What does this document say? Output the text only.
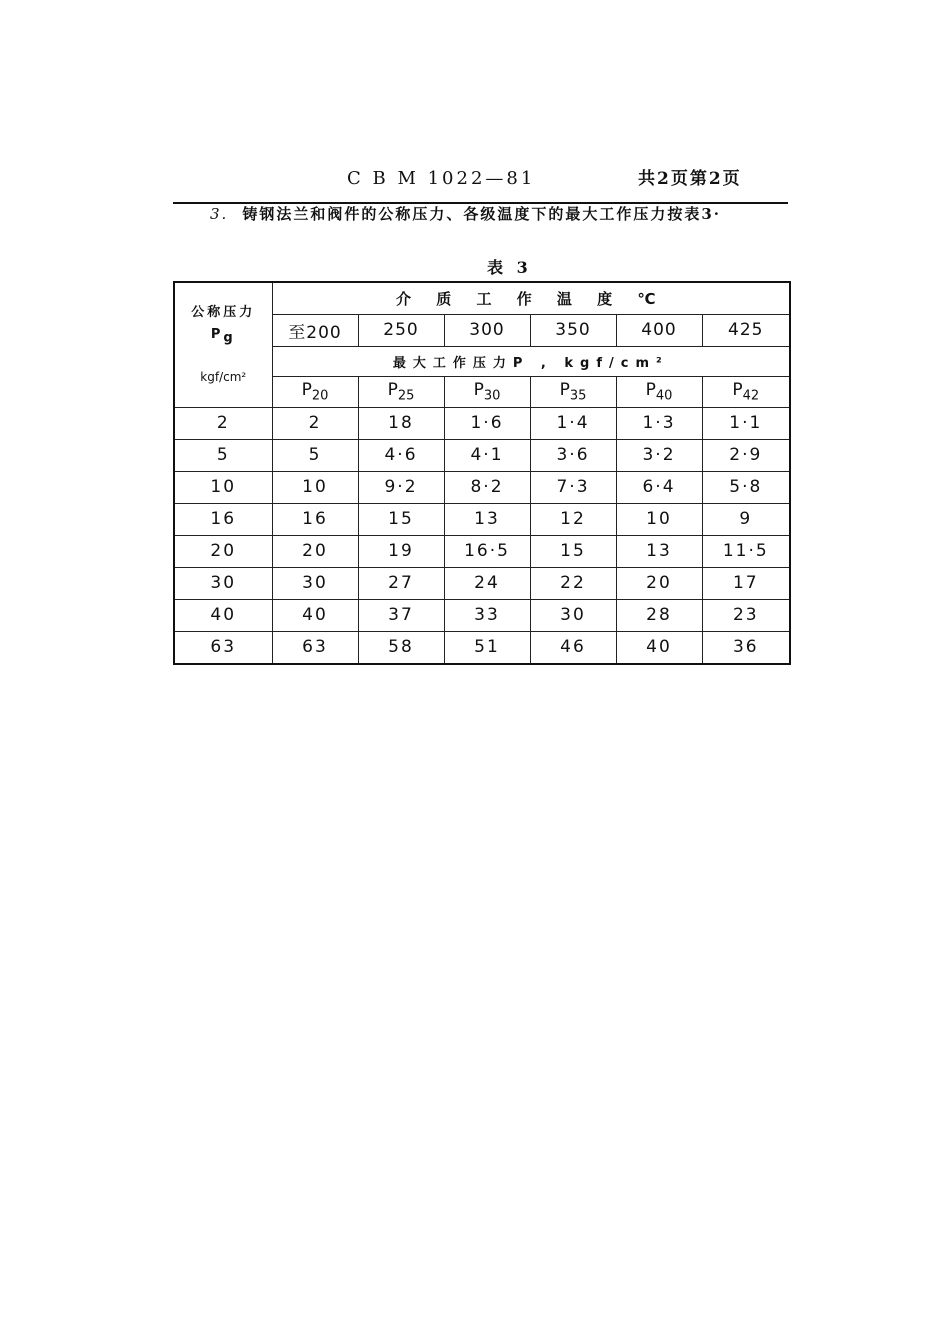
C B M 1022—81	共2页第2页
3. 铸钢法兰和阀件的公称压力、各级温度下的最大工作压力按表3·
表 3
公称压力
$P_g$
kgf/cm²	介 质 工 作 温 度 ℃					
	至200	250	300	350	400	425
	最大工作压力P , kgf/cm²					
	$P_{20}$	$P_{25}$	$P_{30}$	$P_{35}$	$P_{40}$	$P_{42}$
2	2	18	1·6	1·4	1·3	1·1
5	5	4·6	4·1	3·6	3·2	2·9
10	10	9·2	8·2	7·3	6·4	5·8
16	16	15	13	12	10	9
20	20	19	16·5	15	13	11·5
30	30	27	24	22	20	17
40	40	37	33	30	28	23
63	63	58	51	46	40	36
